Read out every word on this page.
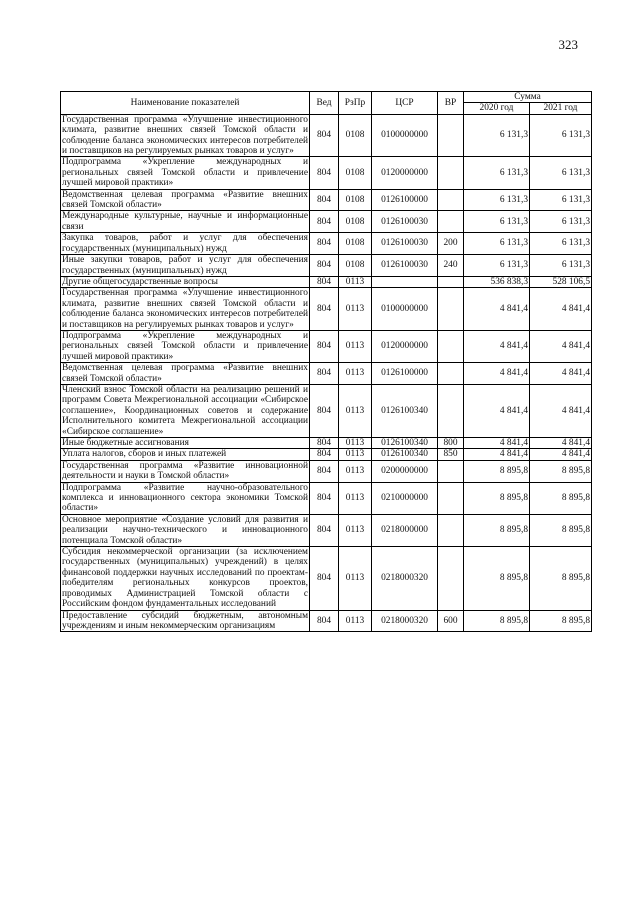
323
Наименование показателей	Вед	РзПр	ЦСР	ВР	Сумма	
					2020 год	2021 год
Государственная программа «Улучшение инвестиционного климата, развитие внешних связей Томской области и соблюдение баланса экономических интересов потребителей и поставщиков на регулируемых рынках товаров и услуг»	804	0108	0100000000		6 131,3	6 131,3
Подпрограмма «Укрепление международных и региональных связей Томской области и привлечение лучшей мировой практики»	804	0108	0120000000		6 131,3	6 131,3
Ведомственная целевая программа «Развитие внешних связей Томской области»	804	0108	0126100000		6 131,3	6 131,3
Международные культурные, научные и информационные связи	804	0108	0126100030		6 131,3	6 131,3
Закупка товаров, работ и услуг для обеспечения государственных (муниципальных) нужд	804	0108	0126100030	200	6 131,3	6 131,3
Иные закупки товаров, работ и услуг для обеспечения государственных (муниципальных) нужд	804	0108	0126100030	240	6 131,3	6 131,3
Другие общегосударственные вопросы	804	0113			536 838,3	528 106,5
Государственная программа «Улучшение инвестиционного климата, развитие внешних связей Томской области и соблюдение баланса экономических интересов потребителей и поставщиков на регулируемых рынках товаров и услуг»	804	0113	0100000000		4 841,4	4 841,4
Подпрограмма «Укрепление международных и региональных связей Томской области и привлечение лучшей мировой практики»	804	0113	0120000000		4 841,4	4 841,4
Ведомственная целевая программа «Развитие внешних связей Томской области»	804	0113	0126100000		4 841,4	4 841,4
Членский взнос Томской области на реализацию решений и программ Совета Межрегиональной ассоциации «Сибирское соглашение», Координационных советов и содержание Исполнительного комитета Межрегиональной ассоциации «Сибирское соглашение»	804	0113	0126100340		4 841,4	4 841,4
Иные бюджетные ассигнования	804	0113	0126100340	800	4 841,4	4 841,4
Уплата налогов, сборов и иных платежей	804	0113	0126100340	850	4 841,4	4 841,4
Государственная программа «Развитие инновационной деятельности и науки в Томской области»	804	0113	0200000000		8 895,8	8 895,8
Подпрограмма «Развитие научно-образовательного комплекса и инновационного сектора экономики Томской области»	804	0113	0210000000		8 895,8	8 895,8
Основное мероприятие «Создание условий для развития и реализации научно-технического и инновационного потенциала Томской области»	804	0113	0218000000		8 895,8	8 895,8
Субсидия некоммерческой организации (за исключением государственных (муниципальных) учреждений) в целях финансовой поддержки научных исследований по проектам-победителям региональных конкурсов проектов, проводимых Администрацией Томской области с Российским фондом фундаментальных исследований	804	0113	0218000320		8 895,8	8 895,8
Предоставление субсидий бюджетным, автономным учреждениям и иным некоммерческим организациям	804	0113	0218000320	600	8 895,8	8 895,8
